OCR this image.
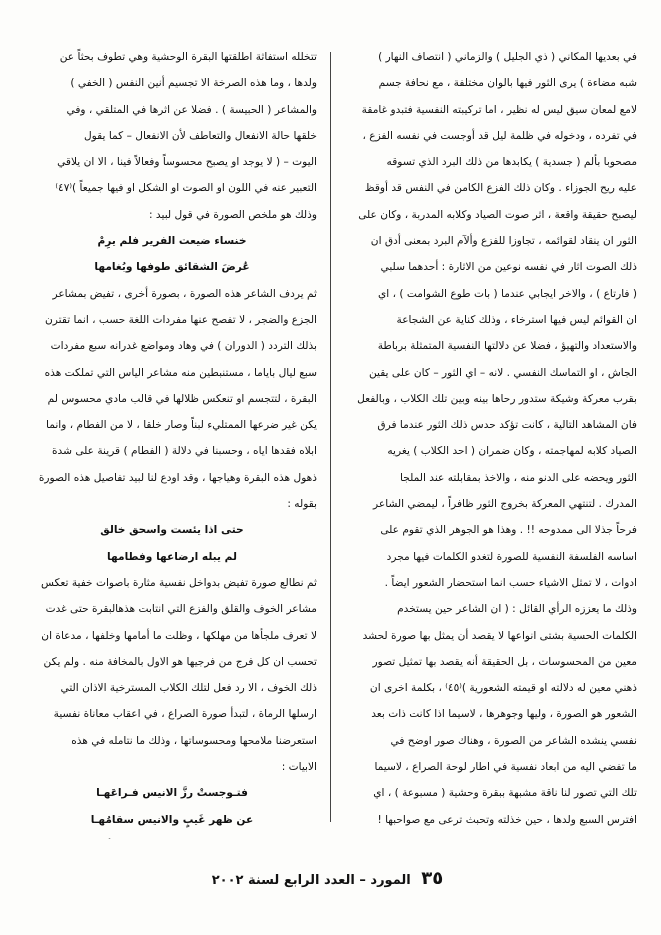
في بعديها المكاني ( ذي الجليل ) والزماني ( انتصاف النهار )
شبه مضاءة ) يرى الثور فيها بالوان مختلفة ، مع نحافة جسم
لامع لمعان سيق ليس له نظير ، اما تركيبته النفسية فتبدو غامقة
في تفرده ، ودخوله في ظلمة ليل قد أوجست في نفسه الفزع ،
مصحوبا بألم ( جسدية ) يكابدها من ذلك البرد الذي تسوقه
عليه ريح الجوزاء . وكان ذلك الفزع الكامن في النفس قد أوقظ
ليصبح حقيقة واقعة ، اثر صوت الصياد وكلابه المدربة ، وكان على
الثور ان ينقاد لقوائمه ، تجاوزا للفزع وألآم البرد بمعنى أدق ان
ذلك الصوت اثار في نفسه نوعين من الاثارة : أحدهما سلبي
( فارتاع ) ، والاخر ايجابي عندما ( بات طوع الشوامت ) ، اي
ان القوائم ليس فيها استرخاء ، وذلك كناية عن الشجاعة
والاستعداد والتهيؤ ، فضلا عن دلالتها النفسية المتمثلة برباطة
الجاش ، او التماسك النفسي . لانه – اي الثور – كان على يقين
بقرب معركة وشيكة ستدور رحاها بينه وبين تلك الكلاب ، وبالفعل
فان المشاهد التالية ، كانت تؤكد حدس ذلك الثور عندما فرق
الصياد كلابه لمهاجمته ، وكان ضمران ( احد الكلاب ) يغريه
الثور ويحضه على الدنو منه ، والاخذ بمقابلته عند الملجا
المدرك . لتنتهي المعركة بخروج الثور ظافراً ، ليمضي الشاعر
فرحاً جذلا الى ممدوحه !! . وهذا هو الجوهر الذي تقوم على
اساسه الفلسفة النفسية للصورة لتغدو الكلمات فيها مجرد
ادوات ، لا تمثل الاشياء حسب انما استحضار الشعور ايضاً .
وذلك ما يعززه الرأي القائل : ( ان الشاعر حين يستخدم
الكلمات الحسية بشتى انواعها لا يقصد أن يمثل بها صورة لحشد
معين من المحسوسات ، بل الحقيقة أنه يقصد بها تمثيل تصور
ذهني معين له دلالته او قيمته الشعورية )⁽٤٥⁾ ، بكلمة اخرى ان
الشعور هو الصورة ، وليها وجوهرها ، لاسيما اذا كانت ذات بعد
نفسي ينشده الشاعر من الصورة ، وهناك صور اوضح في
ما تفضي اليه من ابعاد نفسية في اطار لوحة الصراع ، لاسيما
تلك التي تصور لنا ناقة مشبهة ببقرة وحشية ( مسبوعة ) ، اي
افترس السبع ولدها ، حين خذلته وتحبث ترعى مع صواحبها !
تتخلله استفاثة اطلقتها البقرة الوحشية وهي تطوف بحثاً عن
ولدها ، وما هذه الصرخة الا تجسيم أنين النفس ( الخفي )
والمشاعر ( الحبيسة ) . فضلا عن اثرها في المتلقي ، وفي
خلقها حالة الانفعال والتعاطف لأن الانفعال – كما يقول
اليوت – ( لا يوجد او يصبح محسوساً وفعالاً فينا ، الا ان يلاقي
التعبير عنه في اللون او الصوت او الشكل او فيها جميعاً )⁽٤٧⁾
وذلك هو ملخص الصورة في قول لبيد :
خنساء ضيعت الفرير فلم يرِمْ
عُرضَ الشقائق طوفها وبُغامها
ثم يردف الشاعر هذه الصورة ، بصورة أخرى ، تفيض بمشاعر
الجزع والضجر ، لا تفصح عنها مفردات اللغة حسب ، انما تقترن
بذلك التردد ( الدوران ) في وهاد ومواضع غدرانه سبع مفردات
سبع ليال باياما ، مستنبطين منه مشاعر الياس التي تملكت هذه
البقرة ، لتتجسم او تنعكس ظلالها في قالب مادي محسوس لم
يكن غير ضرعها الممتليء لبناً وصار خلقا ، لا من الفطام ، وانما
ابلاه فقدها اياه ، وحسبنا في دلالة ( الفطام ) قرينة على شدة
ذهول هذه البقرة وهياجها ، وقد اودع لنا لبيد تفاصيل هذه الصورة
بقوله :
حتى اذا يئست واسحق خالق
لم يبله ارضاعها وفطامها
ثم نطالع صورة تفيض بدواخل نفسية مثارة باصوات خفية تعكس
مشاعر الخوف والقلق والفزع التي انتابت هذهالبقرة حتى غدت
لا تعرف ملجأها من مهلكها ، وظلت ما أمامها وخلفها ، مدعاة ان
تحسب ان كل فرج من فرجيها هو الاول بالمخافة منه . ولم يكن
ذلك الخوف ، الا رد فعل لتلك الكلاب المسترخية الاذان التي
ارسلها الرماة ، لتبدأ صورة الصراع ، في اعقاب معاناة نفسية
استعرضنا ملامحها ومحسوساتها ، وذلك ما نتامله في هذه
الابيات :
فتـوجستْ رزَّ الانيس فـراعَهـا
عن ظهر غَيبٍ والانيس سقامُهـا
٣٥ المورد – العدد الرابع لسنة ٢٠٠٢
